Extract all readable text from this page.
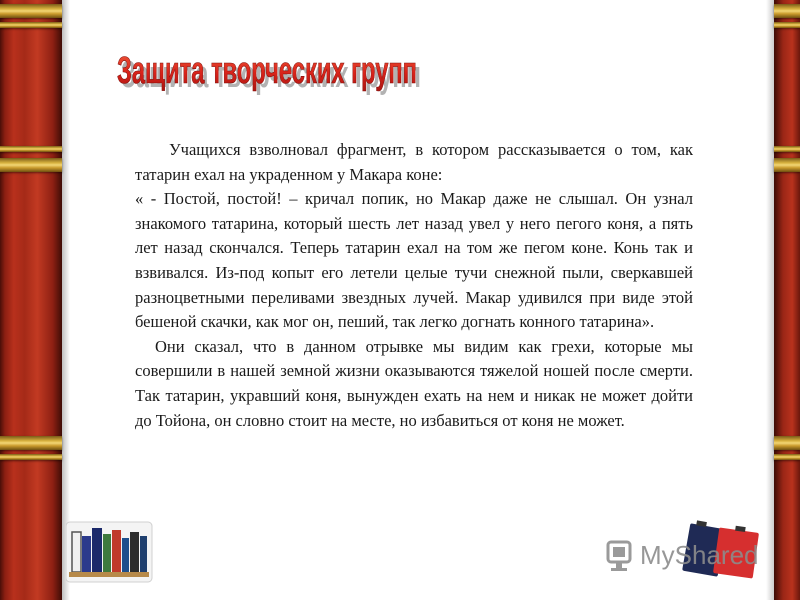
Защита творческих групп
Защита творческих групп

Учащихся взволновал фрагмент, в котором рассказывается о том, как татарин ехал на украденном у Макара коне:

« - Постой, постой! – кричал попик, но Макар даже не слышал. Он узнал знакомого татарина, который шесть лет назад увел у него пегого коня, а пять лет назад скончался. Теперь татарин ехал на том же пегом коне. Конь так и взвивался. Из-под копыт его летели целые тучи снежной пыли, сверкавшей разноцветными переливами звездных лучей. Макар удивился при виде этой бешеной скачки, как мог он, пеший, так легко догнать конного татарина».

Они сказал, что в данном отрывке мы видим как грехи, которые мы совершили в нашей земной жизни оказываются тяжелой ношей после смерти. Так татарин, укравший коня, вынужден ехать на нем и никак не может дойти до Тойона, он словно стоит на месте, но избавиться от коня не может.

MyShared
